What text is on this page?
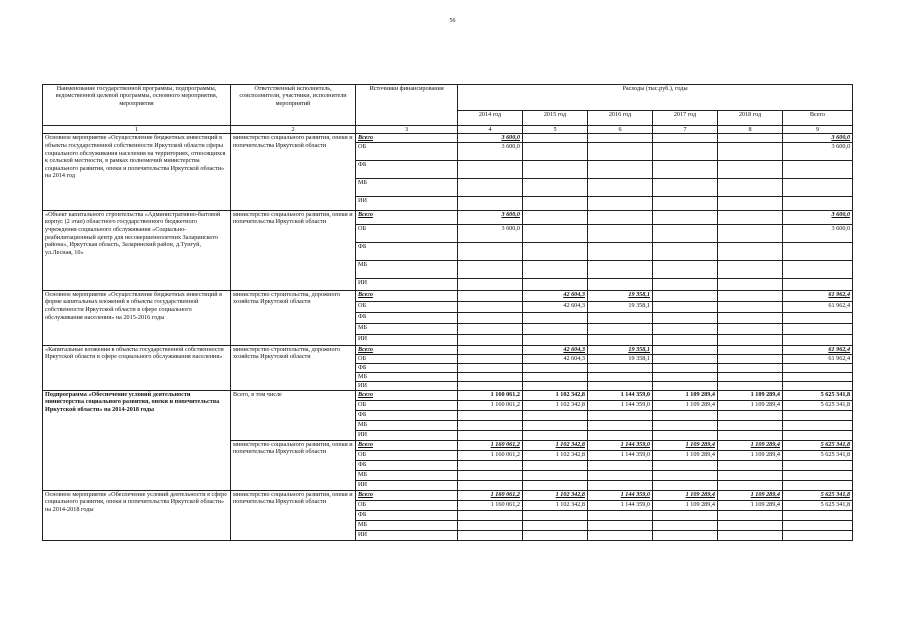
56
Наименование государственной программы, подпрограммы, ведомственной целевой программы, основного мероприятия, мероприятия	Ответственный исполнитель, соисполнители, участники, исполнители мероприятий	Источники финансирования	Расходы (тыс.руб.), годы					
			2014 год	2015 год	2016 год	2017 год	2018 год	Всего
1	2	3	4	5	6	7	8	9
Основное мероприятие «Осуществление бюджетных инвестиций в объекты государственной собственности Иркутской области сферы социального обслуживания населения на территориях, относящихся к сельской местности, в рамках полномочий министерства социального развития, опеки и попечительства Иркутской области» на 2014 год	министерство социального развития, опеки и попечительства Иркутской области	Всего	3 600,0					3 600,0
		ОБ	3 600,0					3 600,0
		ФБ						
		МБ						
		ИИ						
«Объект капитального строительства «Административно-бытовой корпус (2 этап) областного государственного бюджетного учреждения социального обслуживания «Социально-реабилитационный центр для несовершеннолетних Заларинского района», Иркутская область, Заларинский район, д.Тунгуй, ул.Лесная, 10»	министерство социального развития, опеки и попечительства Иркутской области	Всего	3 600,0					3 600,0
		ОБ	3 600,0					3 600,0
		ФБ						
		МБ						
		ИИ						
Основное мероприятие «Осуществление бюджетных инвестиций в форме капитальных вложений в объекты государственной собственности Иркутской области в сфере социального обслуживания населения» на 2015-2016 годы	министерство строительства, дорожного хозяйства Иркутской области	Всего		42 604,3	19 358,1			61 962,4
		ОБ		42 604,3	19 358,1			61 962,4
		ФБ						
		МБ						
		ИИ						
«Капитальные вложения в объекты государственной собственности Иркутской области в сфере социального обслуживания населения»	министерство строительства, дорожного хозяйства Иркутской области	Всего		42 604,3	19 358,1			61 962,4
		ОБ		42 604,3	19 358,1			61 962,4
		ФБ						
		МБ						
		ИИ						
Подпрограмма «Обеспечение условий деятельности министерства социального развития, опеки и попечительства Иркутской области» на 2014-2018 годы	Всего, в том числе	Всего	1 160 061,2	1 102 342,8	1 144 359,0	1 109 289,4	1 109 289,4	5 625 341,8
		ОБ	1 160 061,2	1 102 342,8	1 144 359,0	1 109 289,4	1 109 289,4	5 625 341,8
		ФБ						
		МБ						
		ИИ						
	министерство социального развития, опеки и попечительства Иркутской области	Всего	1 160 061,2	1 102 342,8	1 144 359,0	1 109 289,4	1 109 289,4	5 625 341,8
		ОБ	1 160 061,2	1 102 342,8	1 144 359,0	1 109 289,4	1 109 289,4	5 625 341,8
		ФБ						
		МБ						
		ИИ						
Основное мероприятие «Обеспечение условий деятельности в сфере социального развития, опеки и попечительства Иркутской области» на 2014-2018 годы	министерство социального развития, опеки и попечительства Иркутской области	Всего	1 160 061,2	1 102 342,8	1 144 359,0	1 109 289,4	1 109 289,4	5 625 341,8
		ОБ	1 160 061,2	1 102 342,8	1 144 359,0	1 109 289,4	1 109 289,4	5 625 341,8
		ФБ						
		МБ						
		ИИ						
